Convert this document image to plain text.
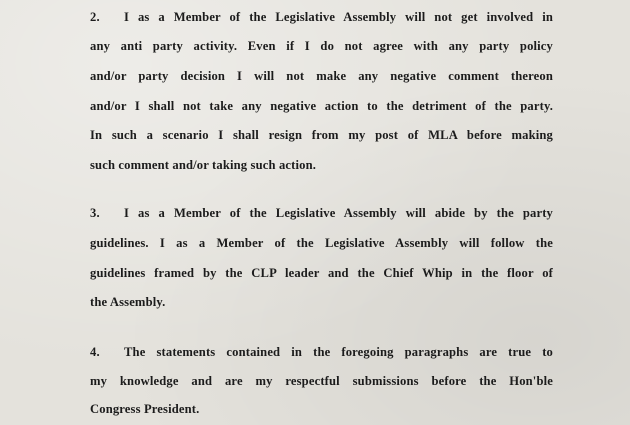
2. I as a Member of the Legislative Assembly will not get involved in
any anti party activity. Even if I do not agree with any party policy
and/or party decision I will not make any negative comment thereon
and/or I shall not take any negative action to the detriment of the party.
In such a scenario I shall resign from my post of MLA before making
such comment and/or taking such action.
3. I as a Member of the Legislative Assembly will abide by the party
guidelines. I as a Member of the Legislative Assembly will follow the
guidelines framed by the CLP leader and the Chief Whip in the floor of
the Assembly.
4. The statements contained in the foregoing paragraphs are true to
my knowledge and are my respectful submissions before the Hon'ble
Congress President.
